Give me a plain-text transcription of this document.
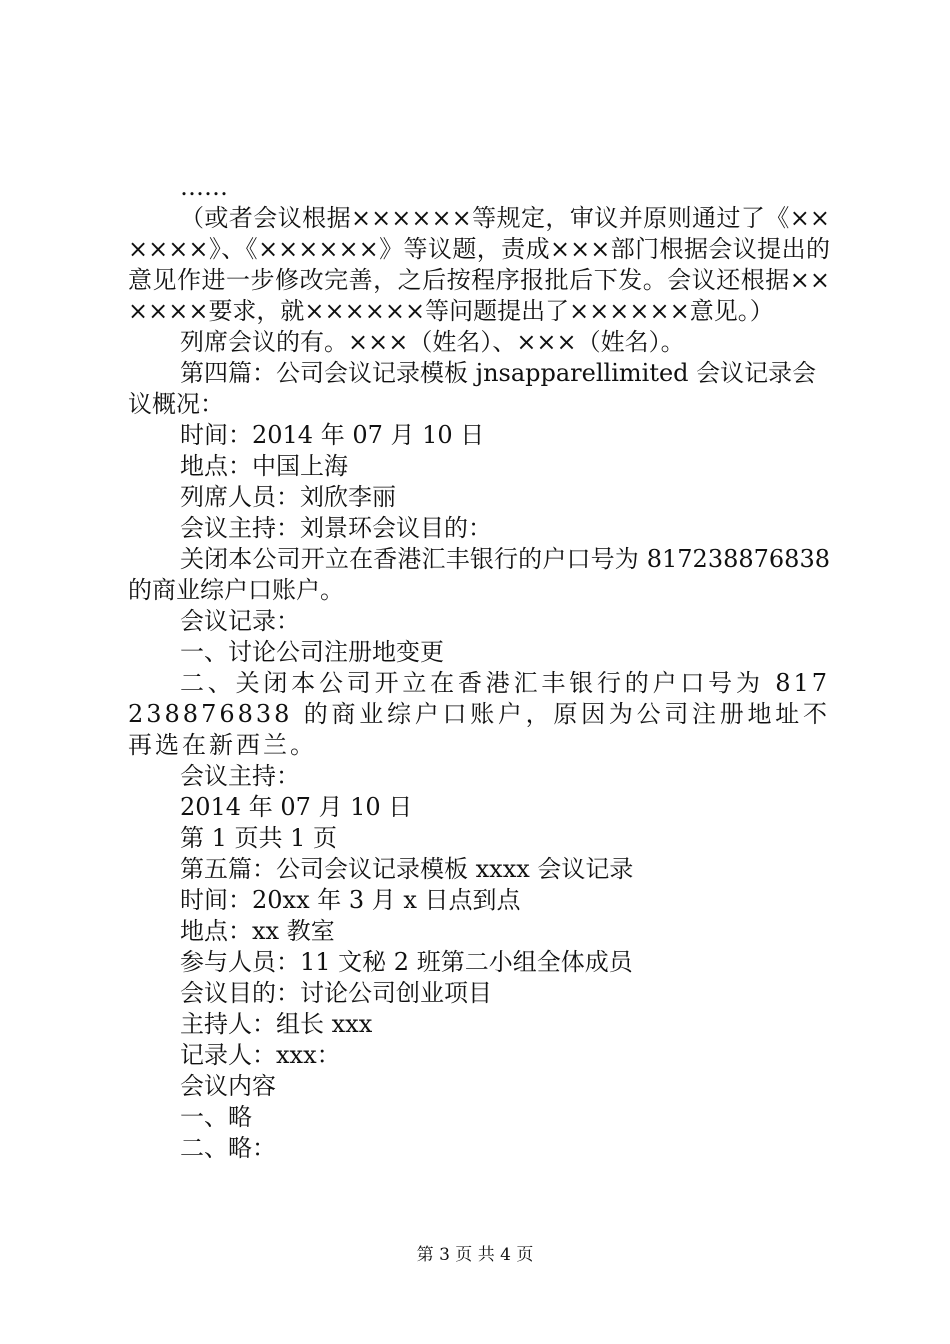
……

（或者会议根据××××××等规定，审议并原则通过了《××××××》、《××××××》等议题，责成×××部门根据会议提出的意见作进一步修改完善，之后按程序报批后下发。会议还根据××××××要求，就××××××等问题提出了××××××意见。）

列席会议的有。×××（姓名）、×××（姓名）。

第四篇：公司会议记录模板 jnsapparellimited 会议记录会议概况：

时间：2014 年 07 月 10 日

地点：中国上海

列席人员：刘欣李丽

会议主持：刘景环会议目的：

关闭本公司开立在香港汇丰银行的户口号为 817238876838 的商业综户口账户。

会议记录：

一、讨论公司注册地变更

二、关闭本公司开立在香港汇丰银行的户口号为 817238876838 的商业综户口账户，原因为公司注册地址不再选在新西兰。

会议主持：

2014 年 07 月 10 日

第 1 页共 1 页

第五篇：公司会议记录模板 xxxx 会议记录

时间：20xx 年 3 月 x 日点到点

地点：xx 教室

参与人员：11 文秘 2 班第二小组全体成员

会议目的：讨论公司创业项目

主持人：组长 xxx

记录人：xxx：

会议内容

一、略

二、略：

第 3 页 共 4 页
